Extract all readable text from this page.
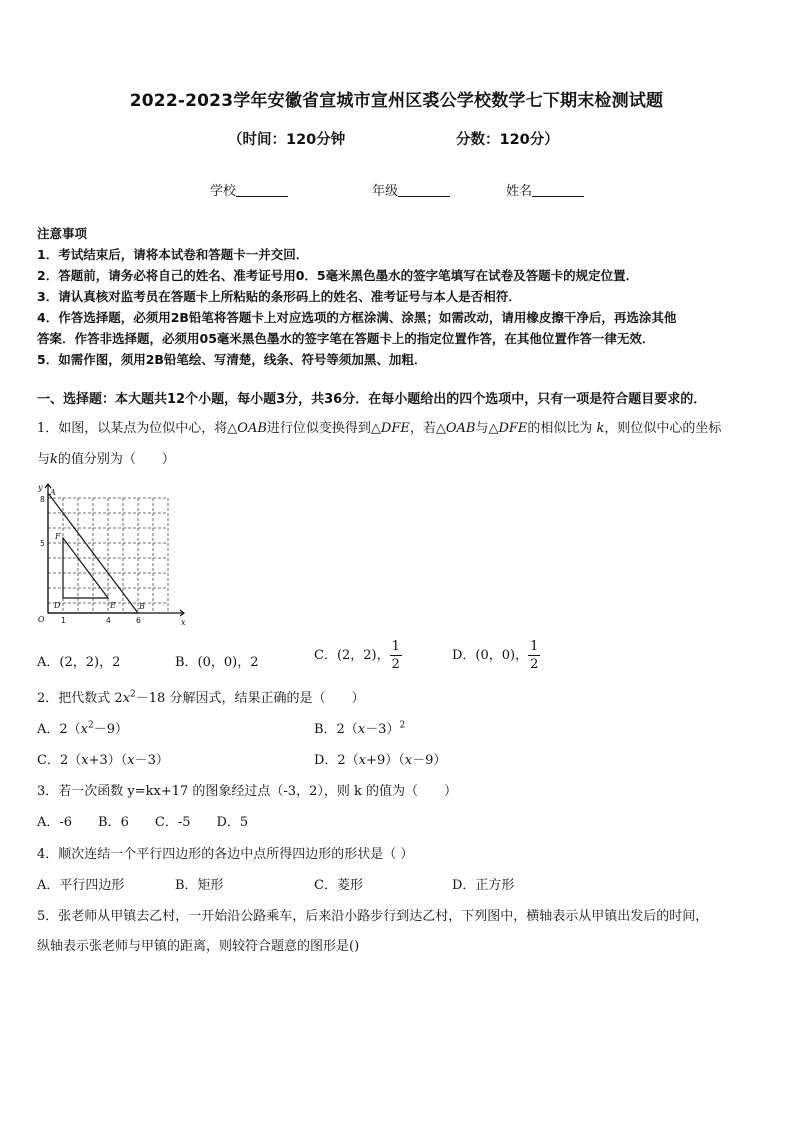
2022-2023学年安徽省宣城市宣州区裘公学校数学七下期末检测试题
（时间：120分钟	分数：120分）
学校	年级	姓名
注意事项
1．考试结束后，请将本试卷和答题卡一并交回．
2．答题前，请务必将自己的姓名、准考证号用0．5毫米黑色墨水的签字笔填写在试卷及答题卡的规定位置．
3．请认真核对监考员在答题卡上所粘贴的条形码上的姓名、准考证号与本人是否相符．
4．作答选择题，必须用2B铅笔将答题卡上对应选项的方框涂满、涂黑；如需改动，请用橡皮擦干净后，再选涂其他
答案．作答非选择题，必须用05毫米黑色墨水的签字笔在答题卡上的指定位置作答，在其他位置作答一律无效．
5．如需作图，须用2B铅笔绘、写清楚，线条、符号等须加黑、加粗．
一、选择题：本大题共12个小题，每小题3分，共36分．在每小题给出的四个选项中，只有一项是符合题目要求的．
1．如图，以某点为位似中心，将△OAB进行位似变换得到△DFE，若△OAB与△DFE的相似比为 k，则位似中心的坐标
与k的值分别为（　　）
y
x
O
A
F
D	E	B
8
5
1	4	6
A．(2，2)，2	B．(0，0)，2	C．(2，2)， $\frac{1}{2}$	D．(0，0)， $\frac{1}{2}$
2．把代数式 $2x^2-18$ 分解因式，结果正确的是（　　）
A．$2(x^2-9)$	B．$2(x-3)^2$
C．2（x+3）（x－3）	D．2（x+9）（x－9）
3．若一次函数 y=kx+17 的图象经过点（-3，2），则 k 的值为（　　）
A．-6　　B．6　　C．-5　　D．5
4．顺次连结一个平行四边形的各边中点所得四边形的形状是（ ）
A．平行四边形	B．矩形	C．菱形	D．正方形
5．张老师从甲镇去乙村，一开始沿公路乘车，后来沿小路步行到达乙村，下列图中，横轴表示从甲镇出发后的时间，
纵轴表示张老师与甲镇的距离，则较符合题意的图形是()
